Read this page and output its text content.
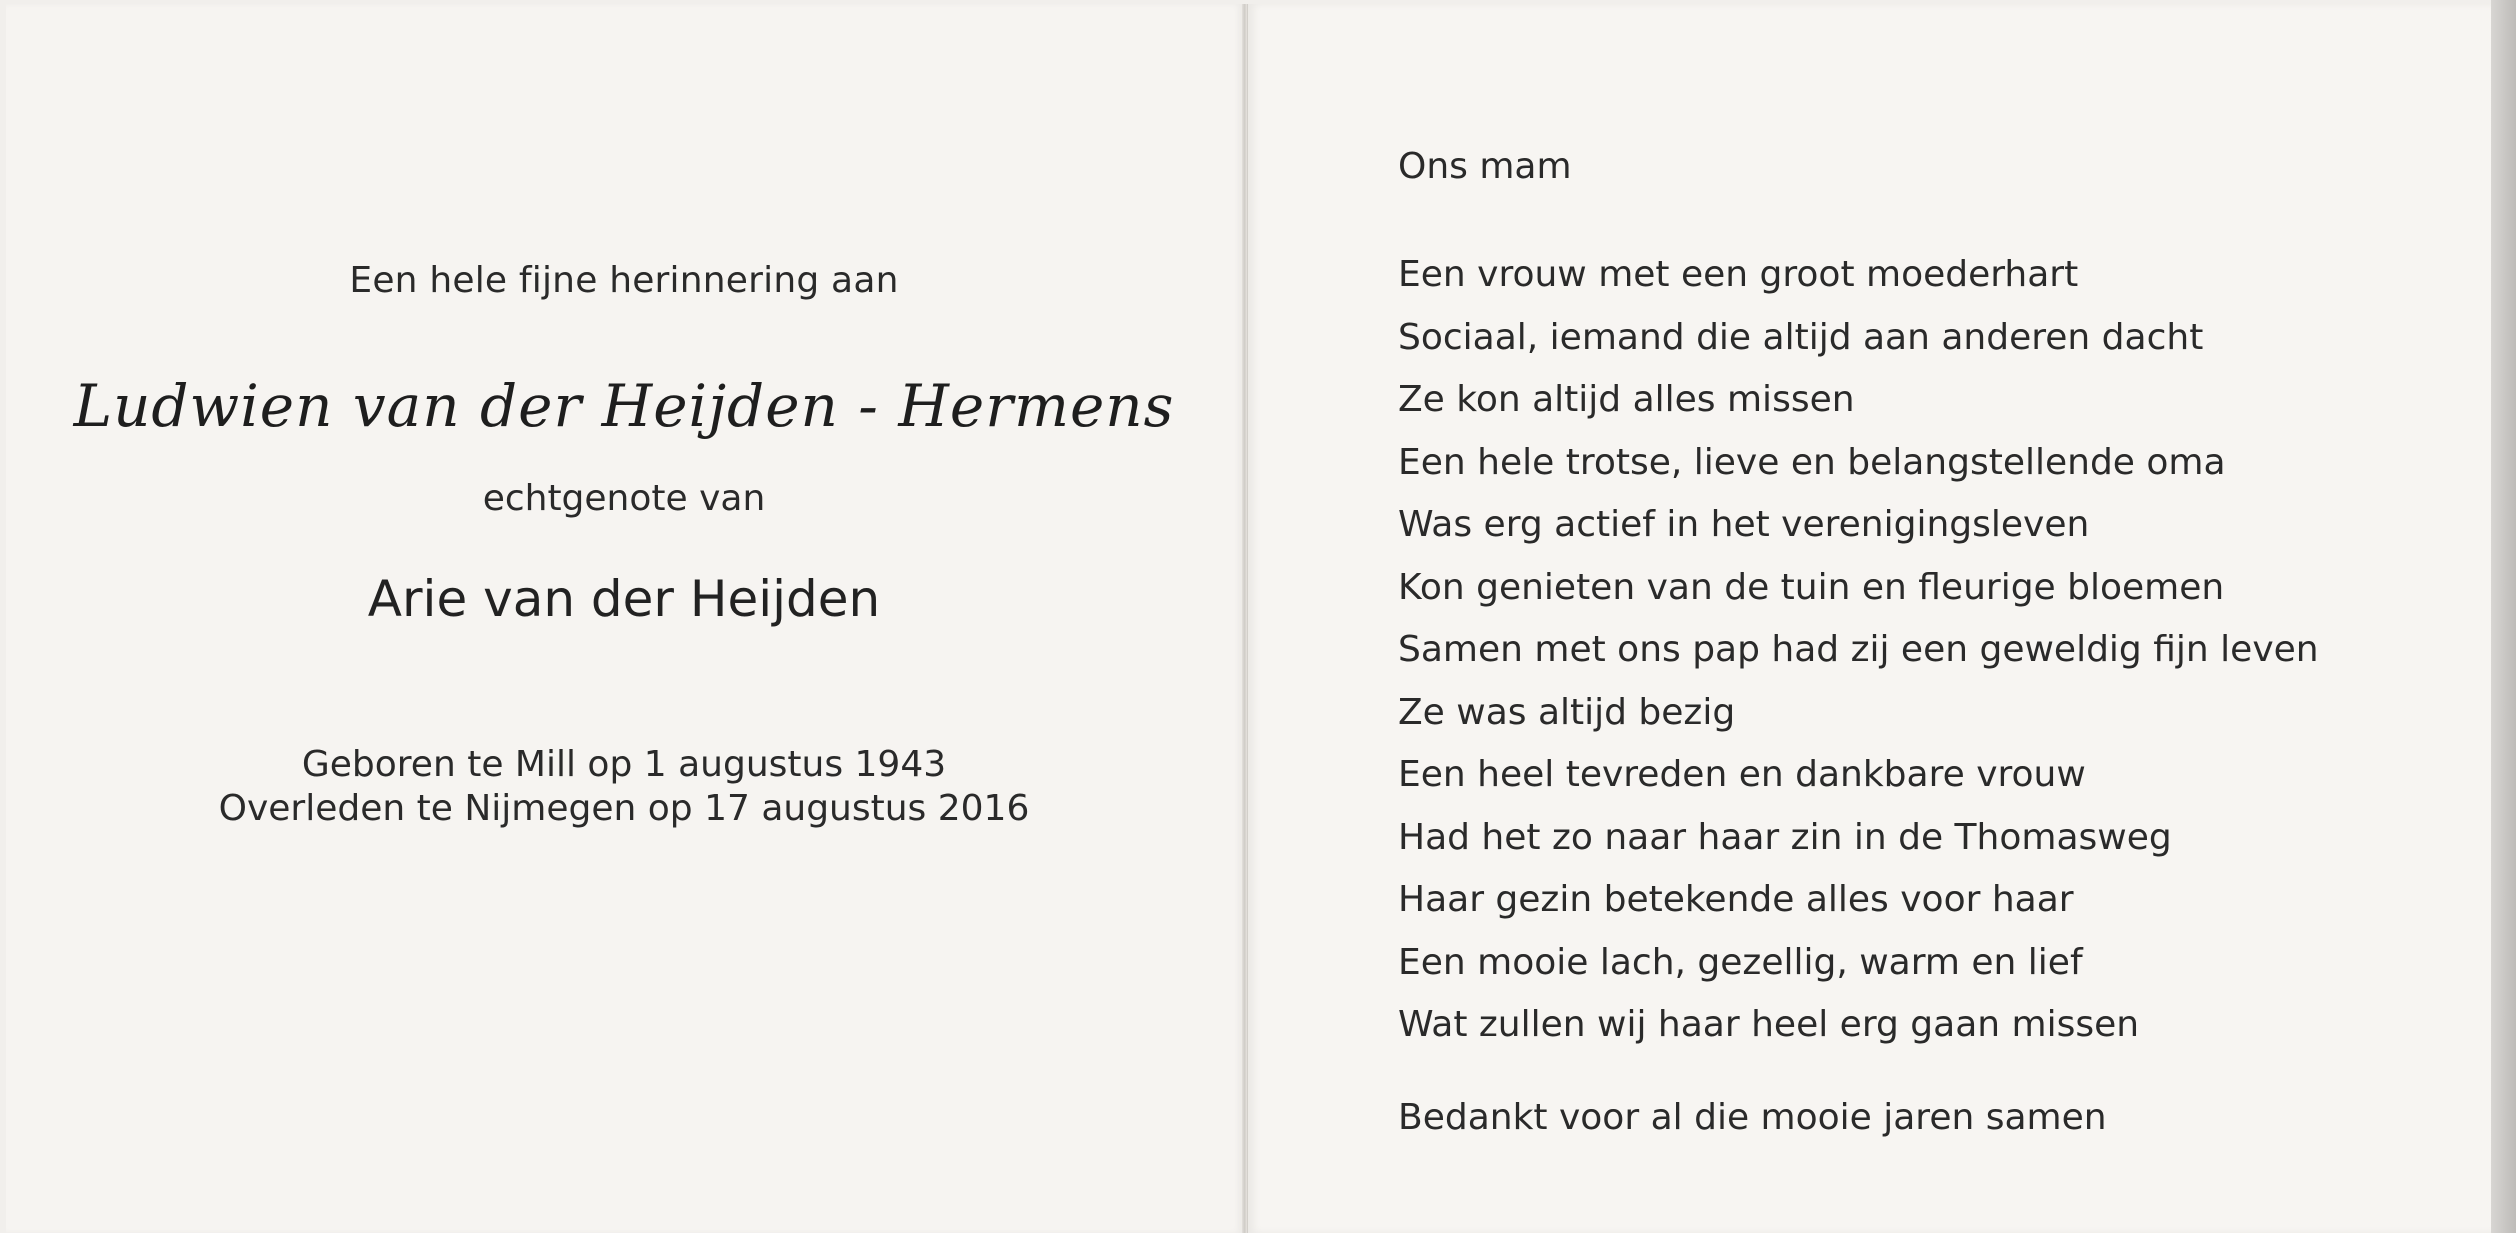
Een hele fijne herinnering aan
Ludwien van der Heijden - Hermens
echtgenote van
Arie van der Heijden
Geboren te Mill op 1 augustus 1943
Overleden te Nijmegen op 17 augustus 2016
Ons mam
Een vrouw met een groot moederhart
Sociaal, iemand die altijd aan anderen dacht
Ze kon altijd alles missen
Een hele trotse, lieve en belangstellende oma
Was erg actief in het verenigingsleven
Kon genieten van de tuin en fleurige bloemen
Samen met ons pap had zij een geweldig fijn leven
Ze was altijd bezig
Een heel tevreden en dankbare vrouw
Had het zo naar haar zin in de Thomasweg
Haar gezin betekende alles voor haar
Een mooie lach, gezellig, warm en lief
Wat zullen wij haar heel erg gaan missen
Bedankt voor al die mooie jaren samen
